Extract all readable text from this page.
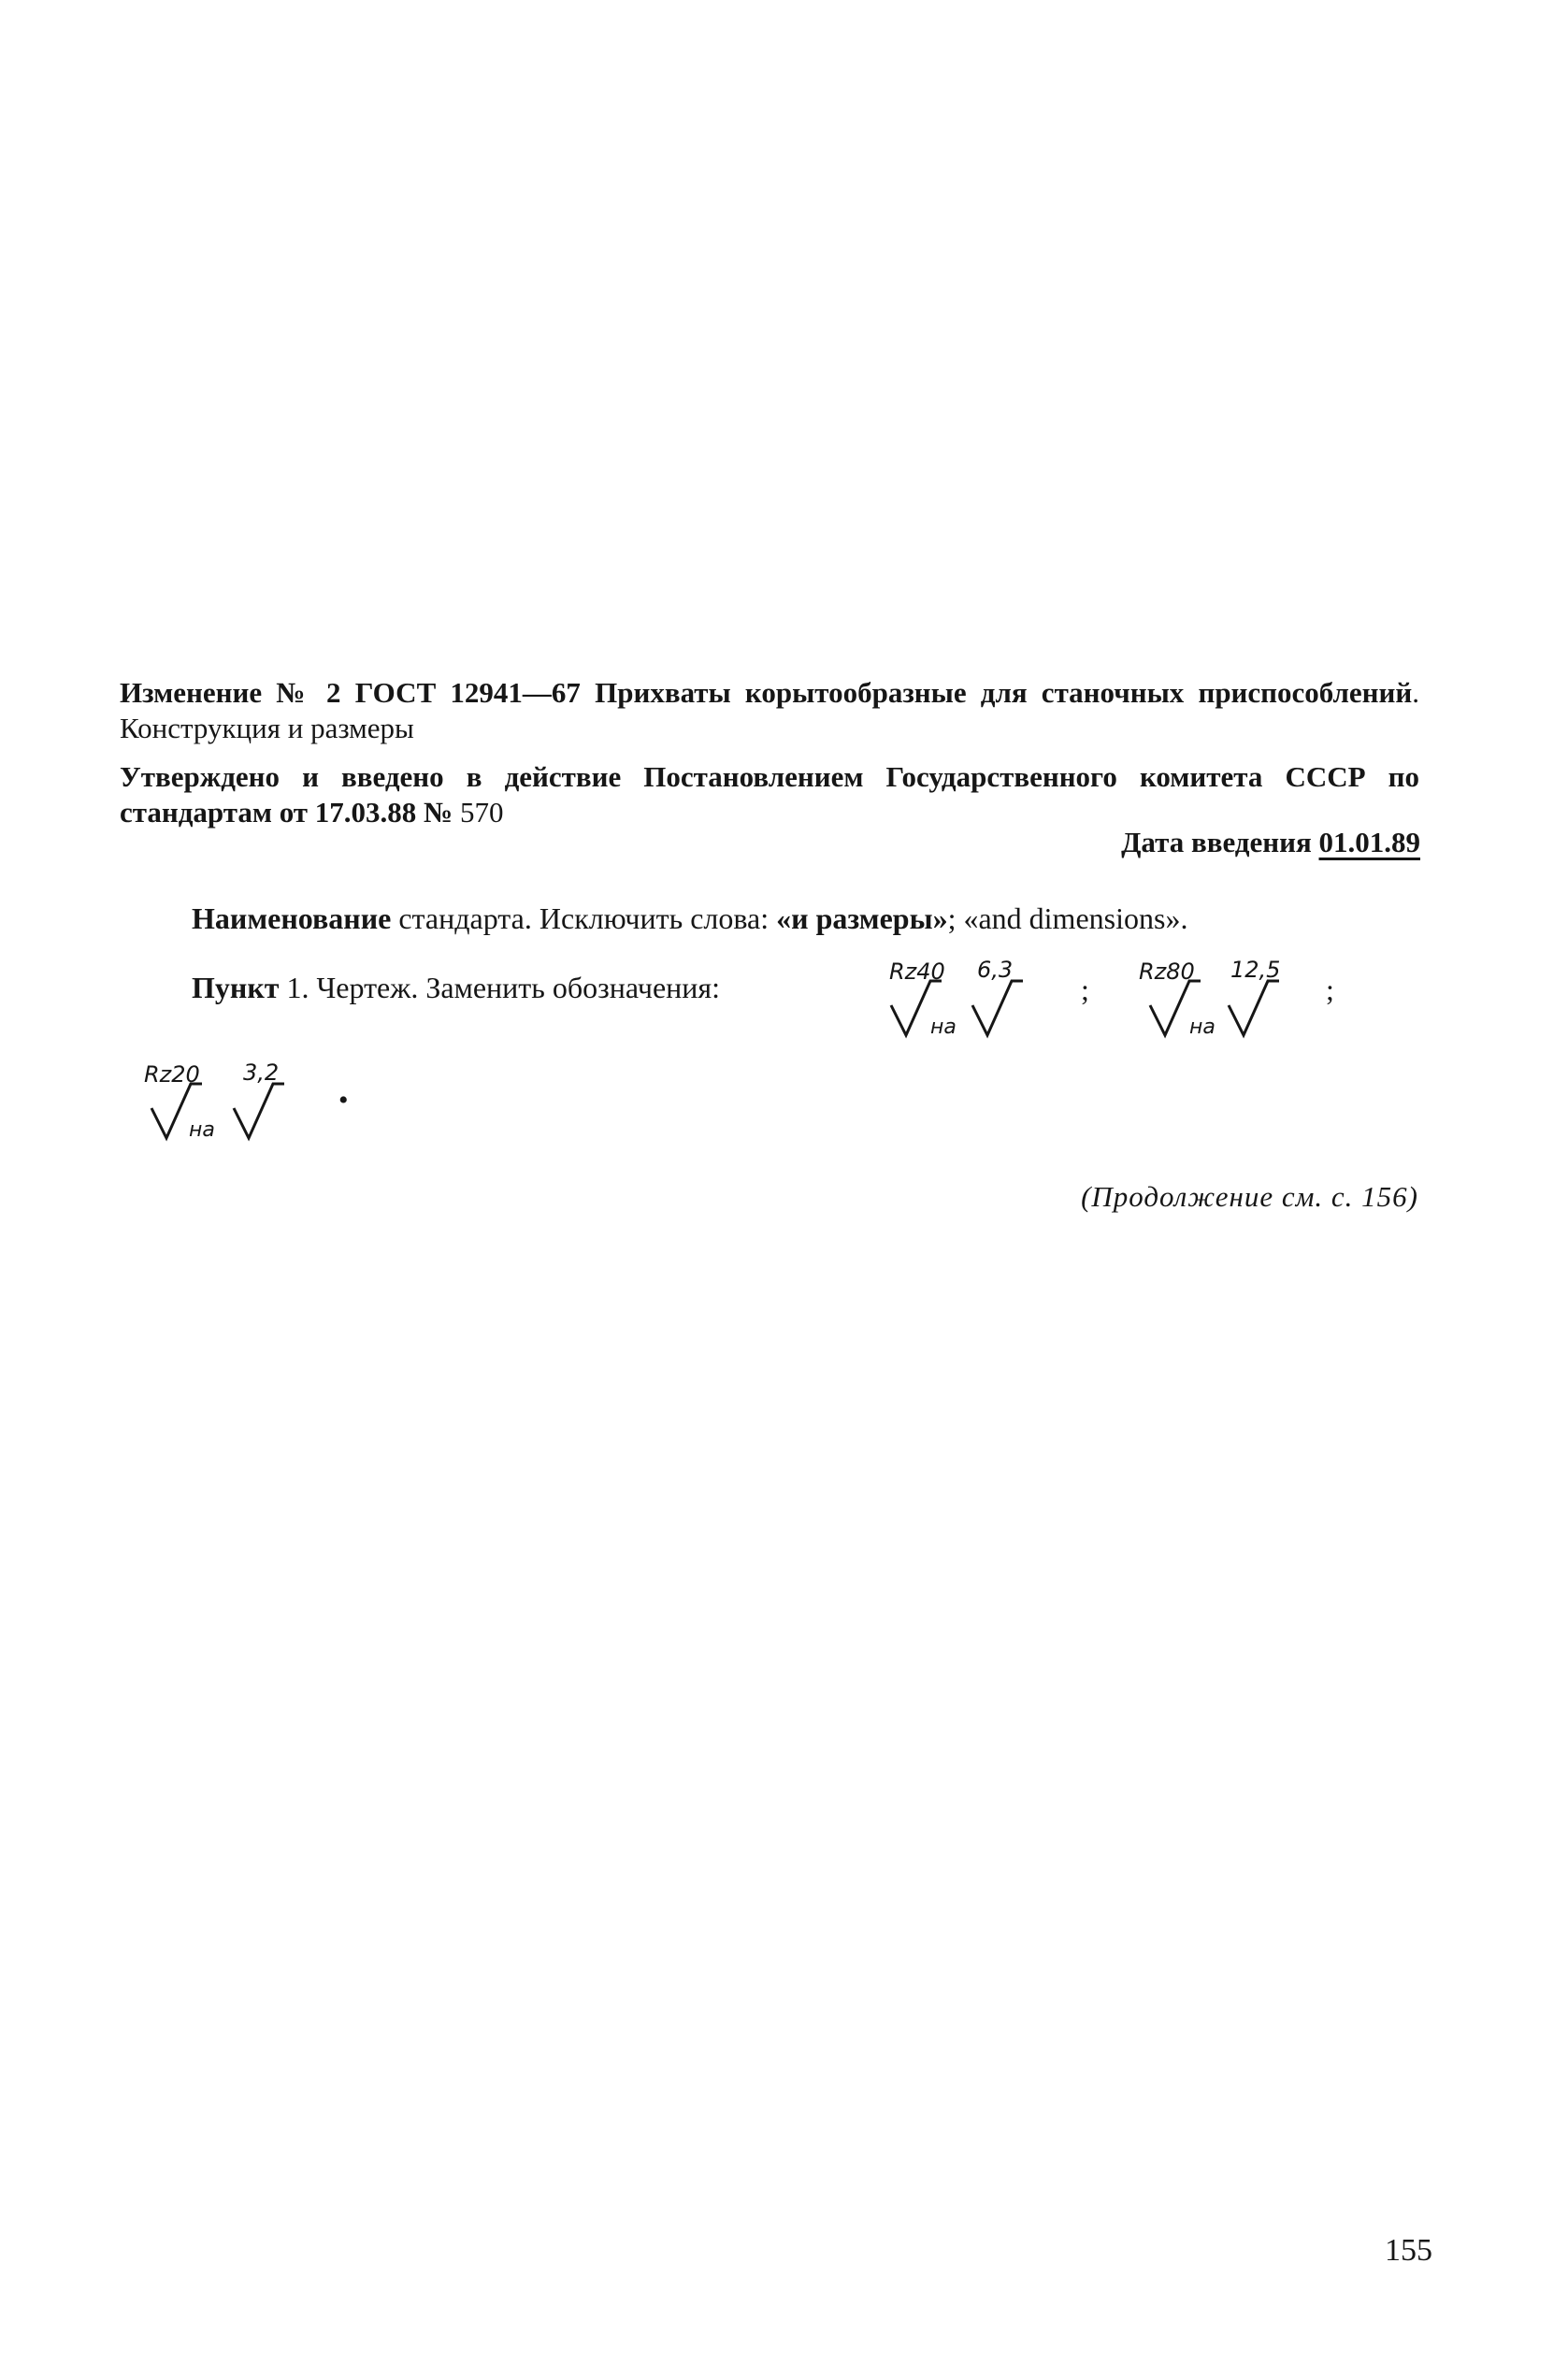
Изменение № 2 ГОСТ 12941—67 Прихваты корытообразные для станочных приспособлений. Конструкция и размеры
Утверждено и введено в действие Постановлением Государственного комитета СССР по стандартам от 17.03.88 № 570
Дата введения 01.01.89
Наименование стандарта. Исключить слова: «и размеры»; «and dimensions».
Пункт 1. Чертеж. Заменить обозначения:	Rz40
на
6,3
;
Rz80
на
12,5
;
Rz20
на
3,2
•
(Продолжение см. с. 156)
155
